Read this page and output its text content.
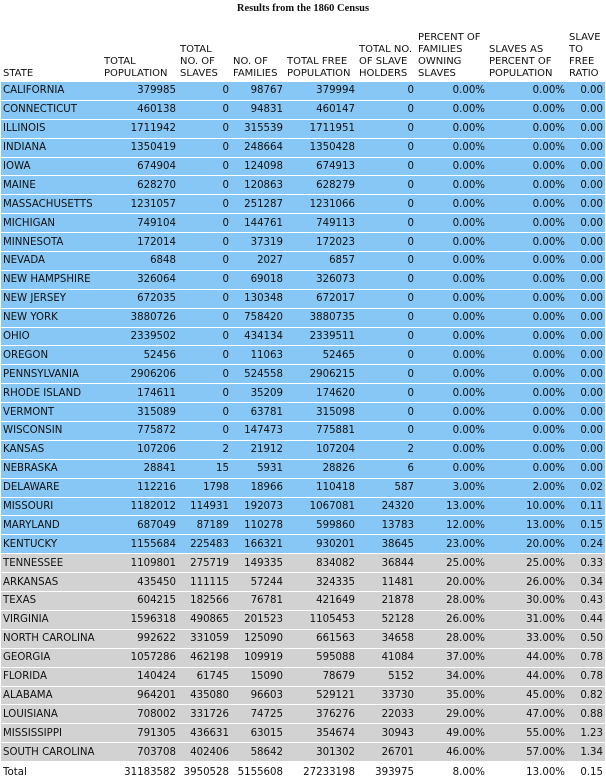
Results from the 1860 Census
STATE	TOTAL POPULATION	TOTAL NO. OF SLAVES	NO. OF FAMILIES	TOTAL FREE POPULATION	TOTAL NO. OF SLAVE HOLDERS	PERCENT OF FAMILIES OWNING SLAVES	SLAVES AS PERCENT OF POPULATION	SLAVE TO FREE RATIO
CALIFORNIA	379985	0	98767	379994	0	0.00%	0.00%	0.00
CONNECTICUT	460138	0	94831	460147	0	0.00%	0.00%	0.00
ILLINOIS	1711942	0	315539	1711951	0	0.00%	0.00%	0.00
INDIANA	1350419	0	248664	1350428	0	0.00%	0.00%	0.00
IOWA	674904	0	124098	674913	0	0.00%	0.00%	0.00
MAINE	628270	0	120863	628279	0	0.00%	0.00%	0.00
MASSACHUSETTS	1231057	0	251287	1231066	0	0.00%	0.00%	0.00
MICHIGAN	749104	0	144761	749113	0	0.00%	0.00%	0.00
MINNESOTA	172014	0	37319	172023	0	0.00%	0.00%	0.00
NEVADA	6848	0	2027	6857	0	0.00%	0.00%	0.00
NEW HAMPSHIRE	326064	0	69018	326073	0	0.00%	0.00%	0.00
NEW JERSEY	672035	0	130348	672017	0	0.00%	0.00%	0.00
NEW YORK	3880726	0	758420	3880735	0	0.00%	0.00%	0.00
OHIO	2339502	0	434134	2339511	0	0.00%	0.00%	0.00
OREGON	52456	0	11063	52465	0	0.00%	0.00%	0.00
PENNSYLVANIA	2906206	0	524558	2906215	0	0.00%	0.00%	0.00
RHODE ISLAND	174611	0	35209	174620	0	0.00%	0.00%	0.00
VERMONT	315089	0	63781	315098	0	0.00%	0.00%	0.00
WISCONSIN	775872	0	147473	775881	0	0.00%	0.00%	0.00
KANSAS	107206	2	21912	107204	2	0.00%	0.00%	0.00
NEBRASKA	28841	15	5931	28826	6	0.00%	0.00%	0.00
DELAWARE	112216	1798	18966	110418	587	3.00%	2.00%	0.02
MISSOURI	1182012	114931	192073	1067081	24320	13.00%	10.00%	0.11
MARYLAND	687049	87189	110278	599860	13783	12.00%	13.00%	0.15
KENTUCKY	1155684	225483	166321	930201	38645	23.00%	20.00%	0.24
TENNESSEE	1109801	275719	149335	834082	36844	25.00%	25.00%	0.33
ARKANSAS	435450	111115	57244	324335	11481	20.00%	26.00%	0.34
TEXAS	604215	182566	76781	421649	21878	28.00%	30.00%	0.43
VIRGINIA	1596318	490865	201523	1105453	52128	26.00%	31.00%	0.44
NORTH CAROLINA	992622	331059	125090	661563	34658	28.00%	33.00%	0.50
GEORGIA	1057286	462198	109919	595088	41084	37.00%	44.00%	0.78
FLORIDA	140424	61745	15090	78679	5152	34.00%	44.00%	0.78
ALABAMA	964201	435080	96603	529121	33730	35.00%	45.00%	0.82
LOUISIANA	708002	331726	74725	376276	22033	29.00%	47.00%	0.88
MISSISSIPPI	791305	436631	63015	354674	30943	49.00%	55.00%	1.23
SOUTH CAROLINA	703708	402406	58642	301302	26701	46.00%	57.00%	1.34
Total	31183582	3950528	5155608	27233198	393975	8.00%	13.00%	0.15
